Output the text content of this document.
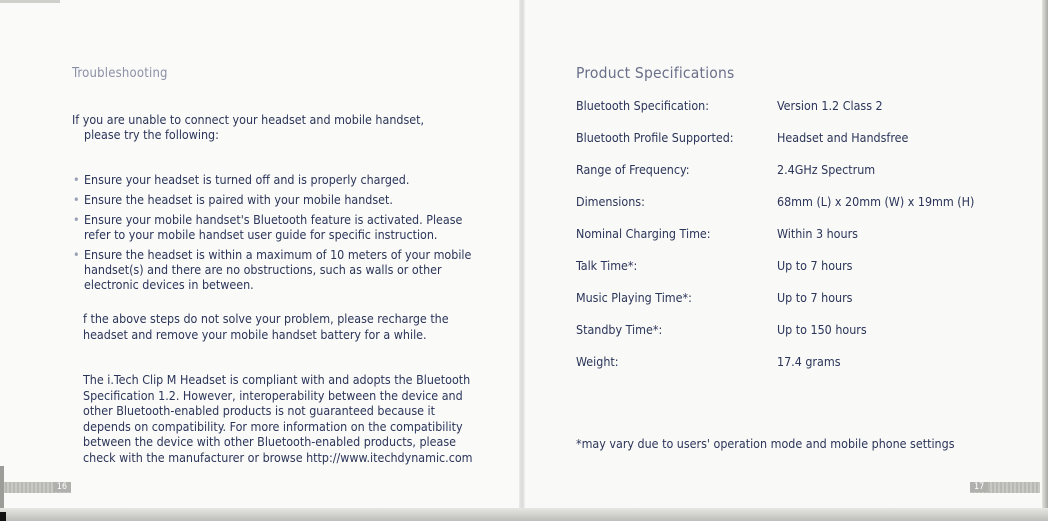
Troubleshooting
If you are unable to connect your headset and mobile handset,
please try the following:
• Ensure your headset is turned off and is properly charged.
• Ensure the headset is paired with your mobile handset.
• Ensure your mobile handset's Bluetooth feature is activated. Please refer to your mobile handset user guide for specific instruction.
• Ensure the headset is within a maximum of 10 meters of your mobile handset(s) and there are no obstructions, such as walls or other electronic devices in between.
f the above steps do not solve your problem, please recharge the headset and remove your mobile handset battery for a while.
The i.Tech Clip M Headset is compliant with and adopts the Bluetooth Specification 1.2. However, interoperability between the device and other Bluetooth-enabled products is not guaranteed because it depends on compatibility. For more information on the compatibility between the device with other Bluetooth-enabled products, please check with the manufacturer or browse http://www.itechdynamic.com
Product Specifications
Bluetooth Specification:	Version 1.2 Class 2
Bluetooth Profile Supported:	Headset and Handsfree
Range of Frequency:	2.4GHz Spectrum
Dimensions:	68mm (L) x 20mm (W) x 19mm (H)
Nominal Charging Time:	Within 3 hours
Talk Time*:	Up to 7 hours
Music Playing Time*:	Up to 7 hours
Standby Time*:	Up to 150 hours
Weight:	17.4 grams
*may vary due to users' operation mode and mobile phone settings
16	17
